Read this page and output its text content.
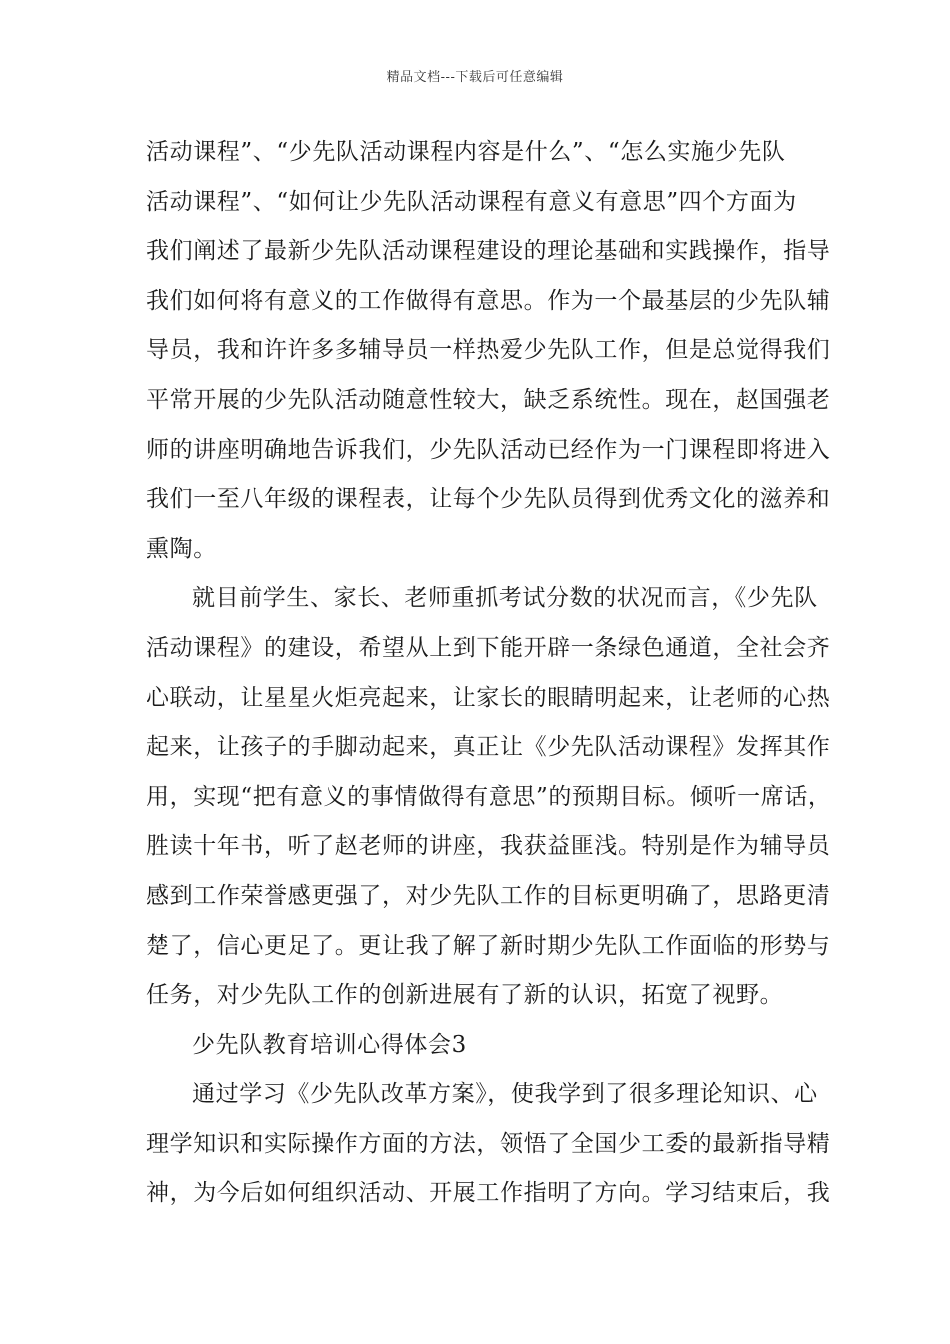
精品文档---下载后可任意编辑
活动课程”、“少先队活动课程内容是什么”、“怎么实施少先队
活动课程”、“如何让少先队活动课程有意义有意思”四个方面为
我们阐述了最新少先队活动课程建设的理论基础和实践操作，指导
我们如何将有意义的工作做得有意思。作为一个最基层的少先队辅
导员，我和许许多多辅导员一样热爱少先队工作，但是总觉得我们
平常开展的少先队活动随意性较大，缺乏系统性。现在，赵国强老
师的讲座明确地告诉我们，少先队活动已经作为一门课程即将进入
我们一至八年级的课程表，让每个少先队员得到优秀文化的滋养和
熏陶。
就目前学生、家长、老师重抓考试分数的状况而言，《少先队
活动课程》的建设，希望从上到下能开辟一条绿色通道，全社会齐
心联动，让星星火炬亮起来，让家长的眼睛明起来，让老师的心热
起来，让孩子的手脚动起来，真正让《少先队活动课程》发挥其作
用，实现“把有意义的事情做得有意思”的预期目标。倾听一席话，
胜读十年书，听了赵老师的讲座，我获益匪浅。特别是作为辅导员
感到工作荣誉感更强了，对少先队工作的目标更明确了，思路更清
楚了，信心更足了。更让我了解了新时期少先队工作面临的形势与
任务，对少先队工作的创新进展有了新的认识，拓宽了视野。
少先队教育培训心得体会3
通过学习《少先队改革方案》，使我学到了很多理论知识、心
理学知识和实际操作方面的方法，领悟了全国少工委的最新指导精
神，为今后如何组织活动、开展工作指明了方向。学习结束后，我
